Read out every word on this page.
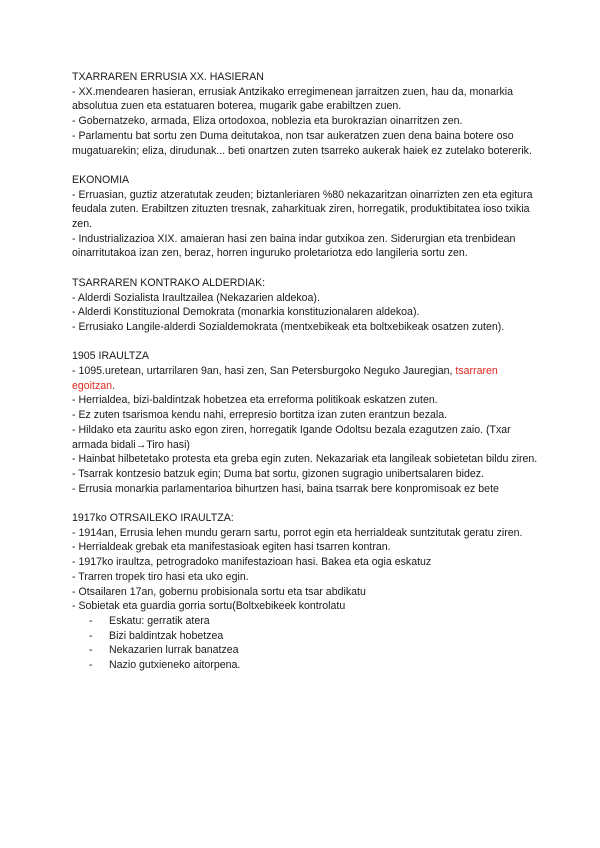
TXARRAREN ERRUSIA XX. HASIERAN
- XX.mendearen hasieran, errusiak Antzikako erregimenean jarraitzen zuen, hau da, monarkia absolutua zuen eta estatuaren boterea, mugarik gabe erabiltzen zuen.
- Gobernatzeko, armada, Eliza ortodoxoa, noblezia eta burokrazian oinarritzen zen.
- Parlamentu bat sortu zen Duma deitutakoa, non tsar aukeratzen zuen dena baina botere oso mugatuarekin; eliza, dirudunak... beti onartzen zuten tsarreko aukerak haiek ez zutelako botererik.
EKONOMIA
- Erruasian, guztiz atzeratutak zeuden; biztanleriaren %80 nekazaritzan oinarrizten zen eta egitura feudala zuten. Erabiltzen zituzten tresnak, zaharkituak ziren, horregatik, produktibitatea ioso txikia zen.
- Industrializazioa XIX. amaieran hasi zen baina indar gutxikoa zen. Siderurgian eta trenbidean oinarritutakoa izan zen, beraz, horren inguruko proletariotza edo langileria sortu zen.
TSARRAREN KONTRAKO ALDERDIAK:
- Alderdi Sozialista Iraultzailea (Nekazarien aldekoa).
- Alderdi Konstituzional Demokrata (monarkia konstituzionalaren aldekoa).
- Errusiako Langile-alderdi Sozialdemokrata (mentxebikeak eta boltxebikeak osatzen zuten).
1905 IRAULTZA
- 1095.uretean, urtarrilaren 9an, hasi zen, San Petersburgoko Neguko Jauregian, tsarraren egoitzan.
- Herrialdea, bizi-baldintzak hobetzea eta erreforma politikoak eskatzen zuten.
- Ez zuten tsarismoa kendu nahi, errepresio bortitza izan zuten erantzun bezala.
- Hildako eta zauritu asko egon ziren, horregatik Igande Odoltsu bezala ezagutzen zaio. (Txar armada bidali→Tiro hasi)
- Hainbat hilbetetako protesta eta greba egin zuten. Nekazariak eta langileak sobietetan bildu ziren.
- Tsarrak kontzesio batzuk egin; Duma bat sortu, gizonen sugragio unibertsalaren bidez.
- Errusia monarkia parlamentarioa bihurtzen hasi, baina tsarrak bere konpromisoak ez bete
1917ko OTRSAILEKO IRAULTZA:
- 1914an, Errusia lehen mundu gerarn sartu, porrot egin eta herrialdeak suntzitutak geratu ziren.
- Herrialdeak grebak eta manifestasioak egiten hasi tsarren kontran.
- 1917ko iraultza, petrogradoko manifestazioan hasi. Bakea eta ogia eskatuz
- Trarren tropek tiro hasi eta uko egin.
- Otsailaren 17an, gobernu probisionala sortu eta tsar abdikatu
- Sobietak eta guardia gorria sortu(Boltxebikeek kontrolatu
- Eskatu: gerratik atera
- Bizi baldintzak hobetzea
- Nekazarien lurrak banatzea
- Nazio gutxieneko aitorpena.
